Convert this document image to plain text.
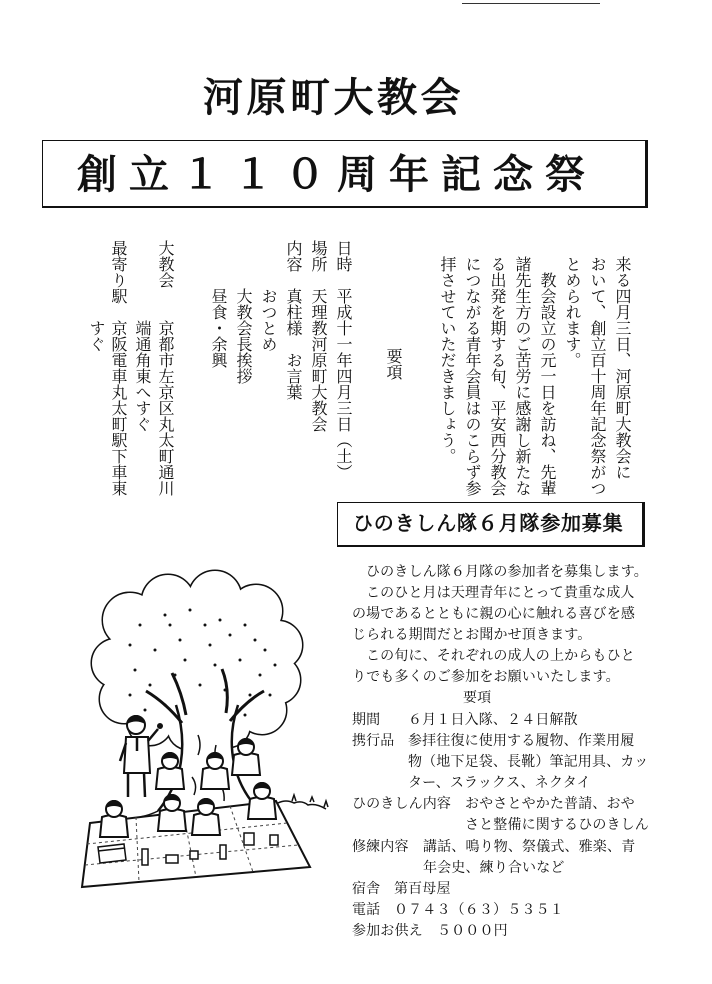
河原町大教会
創立１１０周年記念祭
来る四月三日、河原町大教会に
おいて、創立百十周年記念祭がつ
とめられます。
教会設立の元一日を訪ね、先輩
諸先生方のご苦労に感謝し新たな
る出発を期する旬、平安西分教会
につながる青年会員はのこらず参
拝させていただきましょう。
要項
日時
平成十一年四月三日（土）
場所
天理教河原町大教会
内容
真柱様　お言葉
おつとめ
大教会長挨拶
昼食・余興
大教会
京都市左京区丸太町通川
端通角東へすぐ
最寄り駅
京阪電車丸太町駅下車東
すぐ
ひのきしん隊６月隊参加募集
ひのきしん隊６月隊の参加者を募集します。
このひと月は天理青年にとって貴重な成人
の場であるとともに親の心に触れる喜びを感
じられる期間だとお聞かせ頂きます。
この旬に、それぞれの成人の上からもひと
りでも多くのご参加をお願いいたします。
要項
期間 ６月１日入隊、２４日解散
携行品 参拝往復に使用する履物、作業用履
物（地下足袋、長靴）筆記用具、カッ
ター、スラックス、ネクタイ
ひのきしん内容 おやさとやかた普請、おや
さと整備に関するひのきしん
修練内容 講話、鳴り物、祭儀式、雅楽、青
年会史、練り合いなど
宿舎 第百母屋
電話 ０７４３（６３）５３５１
参加お供え ５０００円
